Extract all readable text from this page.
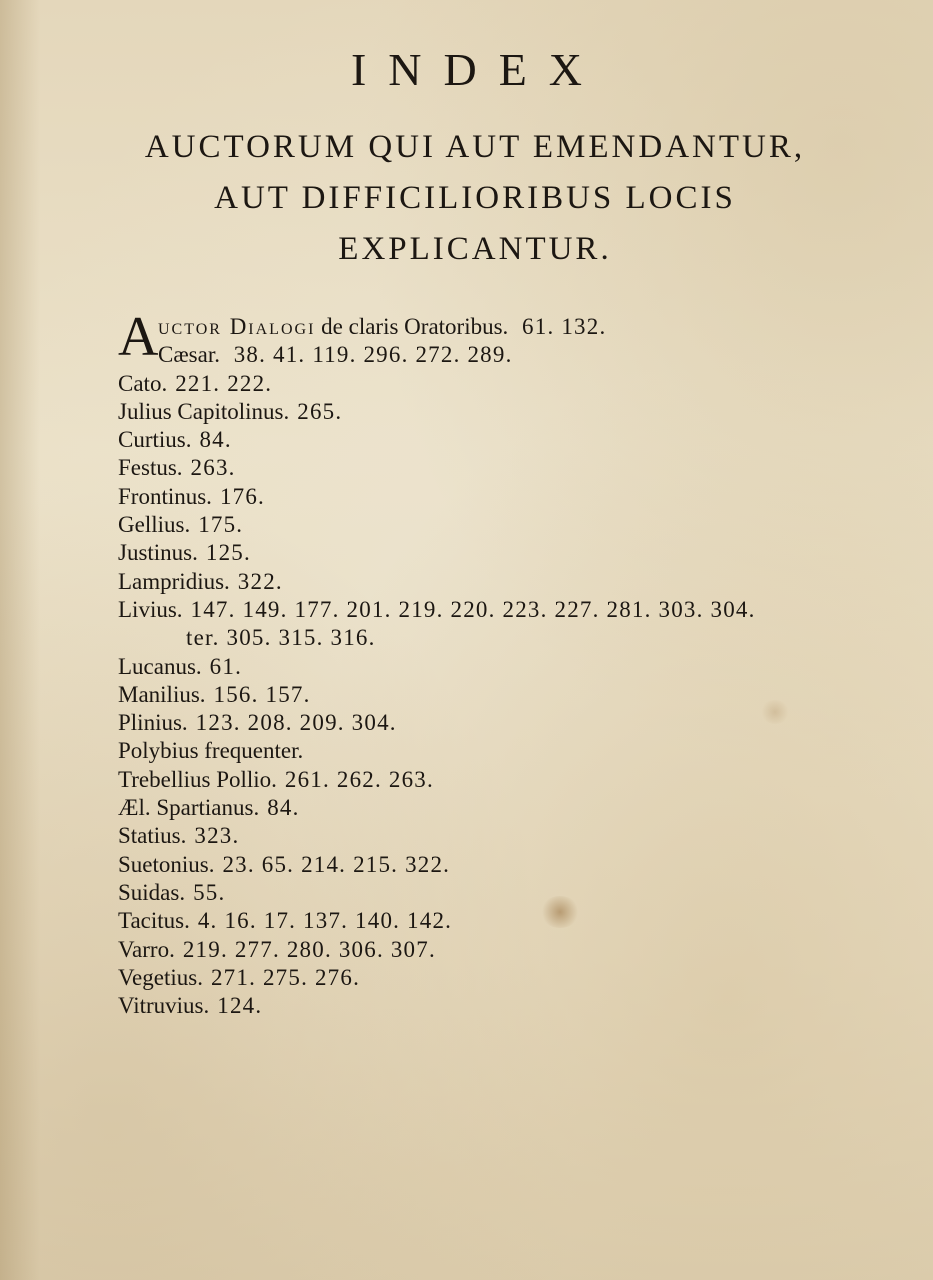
INDEX
AUCTORUM QUI AUT EMENDANTUR,
AUT DIFFICILIORIBUS LOCIS
EXPLICANTUR.
A uctor Dialogi de claris Oratoribus. 61. 132.
Cæsar. 38. 41. 119. 296. 272. 289.
Cato. 221. 222.
Julius Capitolinus. 265.
Curtius. 84.
Festus. 263.
Frontinus. 176.
Gellius. 175.
Justinus. 125.
Lampridius. 322.
Livius. 147. 149. 177. 201. 219. 220. 223. 227. 281. 303. 304.
ter. 305. 315. 316.
Lucanus. 61.
Manilius. 156. 157.
Plinius. 123. 208. 209. 304.
Polybius frequenter.
Trebellius Pollio. 261. 262. 263.
Æl. Spartianus. 84.
Statius. 323.
Suetonius. 23. 65. 214. 215. 322.
Suidas. 55.
Tacitus. 4. 16. 17. 137. 140. 142.
Varro. 219. 277. 280. 306. 307.
Vegetius. 271. 275. 276.
Vitruvius. 124.
